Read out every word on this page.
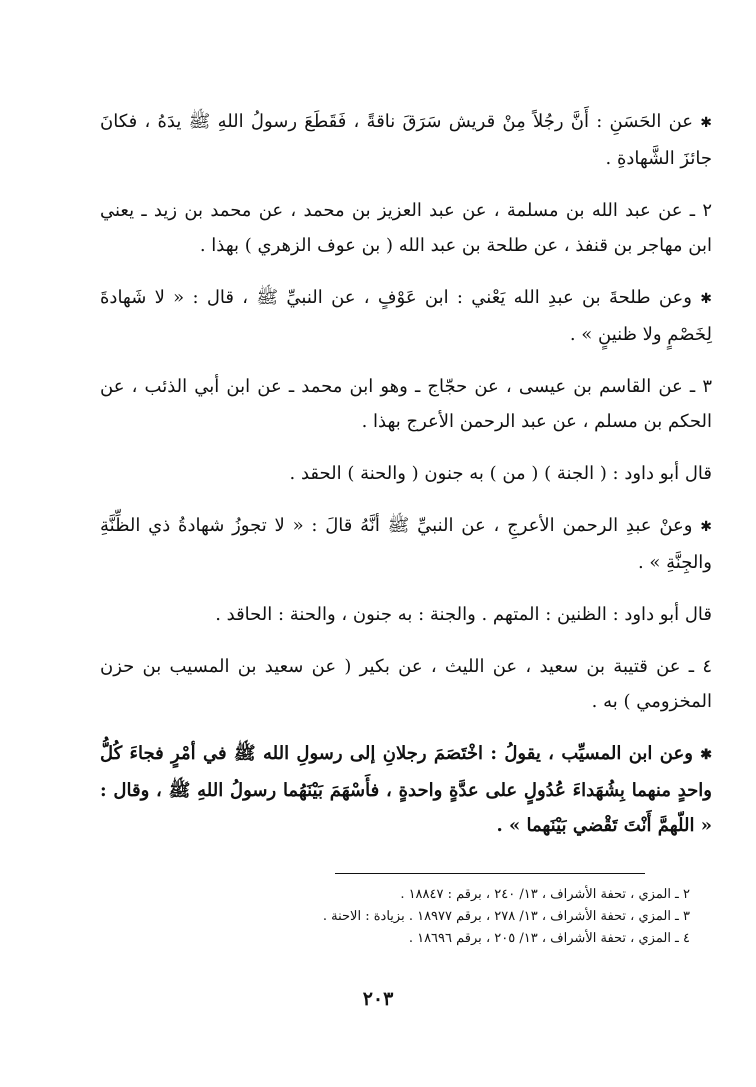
✱ عن الحَسَنِ : أَنَّ رجُلاً مِنْ قريش سَرَقَ ناقةً ، فَقَطَعَ رسولُ اللهِ ﷺ يدَهُ ، فكانَ جائزَ الشَّهادةِ .

٢ ـ عن عبد الله بن مسلمة ، عن عبد العزيز بن محمد ، عن محمد بن زيد ـ يعني ابن مهاجر بن قنفذ ، عن طلحة بن عبد الله ( بن عوف الزهري ) بهذا .

✱ وعن طلحةَ بن عبدِ الله يَعْني : ابن عَوْفٍ ، عن النبيِّ ﷺ ، قال : « لا شَهادةَ لِخَصْمٍ ولا ظنينٍ » .

٣ ـ عن القاسم بن عيسى ، عن حجّاج ـ وهو ابن محمد ـ عن ابن أبي الذئب ، عن الحكم بن مسلم ، عن عبد الرحمن الأعرج بهذا .

قال أبو داود : ( الجنة ) ( من ) به جنون ( والحنة ) الحقد .

✱ وعنْ عبدِ الرحمن الأعرجِ ، عن النبيِّ ﷺ أنَّهُ قالَ : « لا تجوزُ شهادةُ ذي الظِّنَّةِ والجِنَّةِ » .

قال أبو داود : الظنين : المتهم . والجنة : به جنون ، والحنة : الحاقد .

٤ ـ عن قتيبة بن سعيد ، عن الليث ، عن بكير ( عن سعيد بن المسيب بن حزن المخزومي ) به .

✱ وعن ابن المسيِّب ، يقولُ : اخْتَصَمَ رجلانِ إلى رسولِ الله ﷺ في أمْرٍ فجاءَ كُلُّ واحدٍ منهما بِشُهَداءَ عُدُولٍ على عدَّةٍ واحدةٍ ، فأَسْهَمَ بَيْنَهُما رسولُ اللهِ ﷺ ، وقال : « اللّهمَّ أَنْتَ تَقْضي بَيْنَهما » .

٢ ـ المزي ، تحفة الأشراف ، ١٣/ ٢٤٠ ، برقم : ١٨٨٤٧ .

٣ ـ المزي ، تحفة الأشراف ، ١٣/ ٢٧٨ ، برقم ١٨٩٧٧ . بزيادة : الاحنة .

٤ ـ المزي ، تحفة الأشراف ، ١٣/ ٢٠٥ ، برقم ١٨٦٩٦ .

٢٠٣
